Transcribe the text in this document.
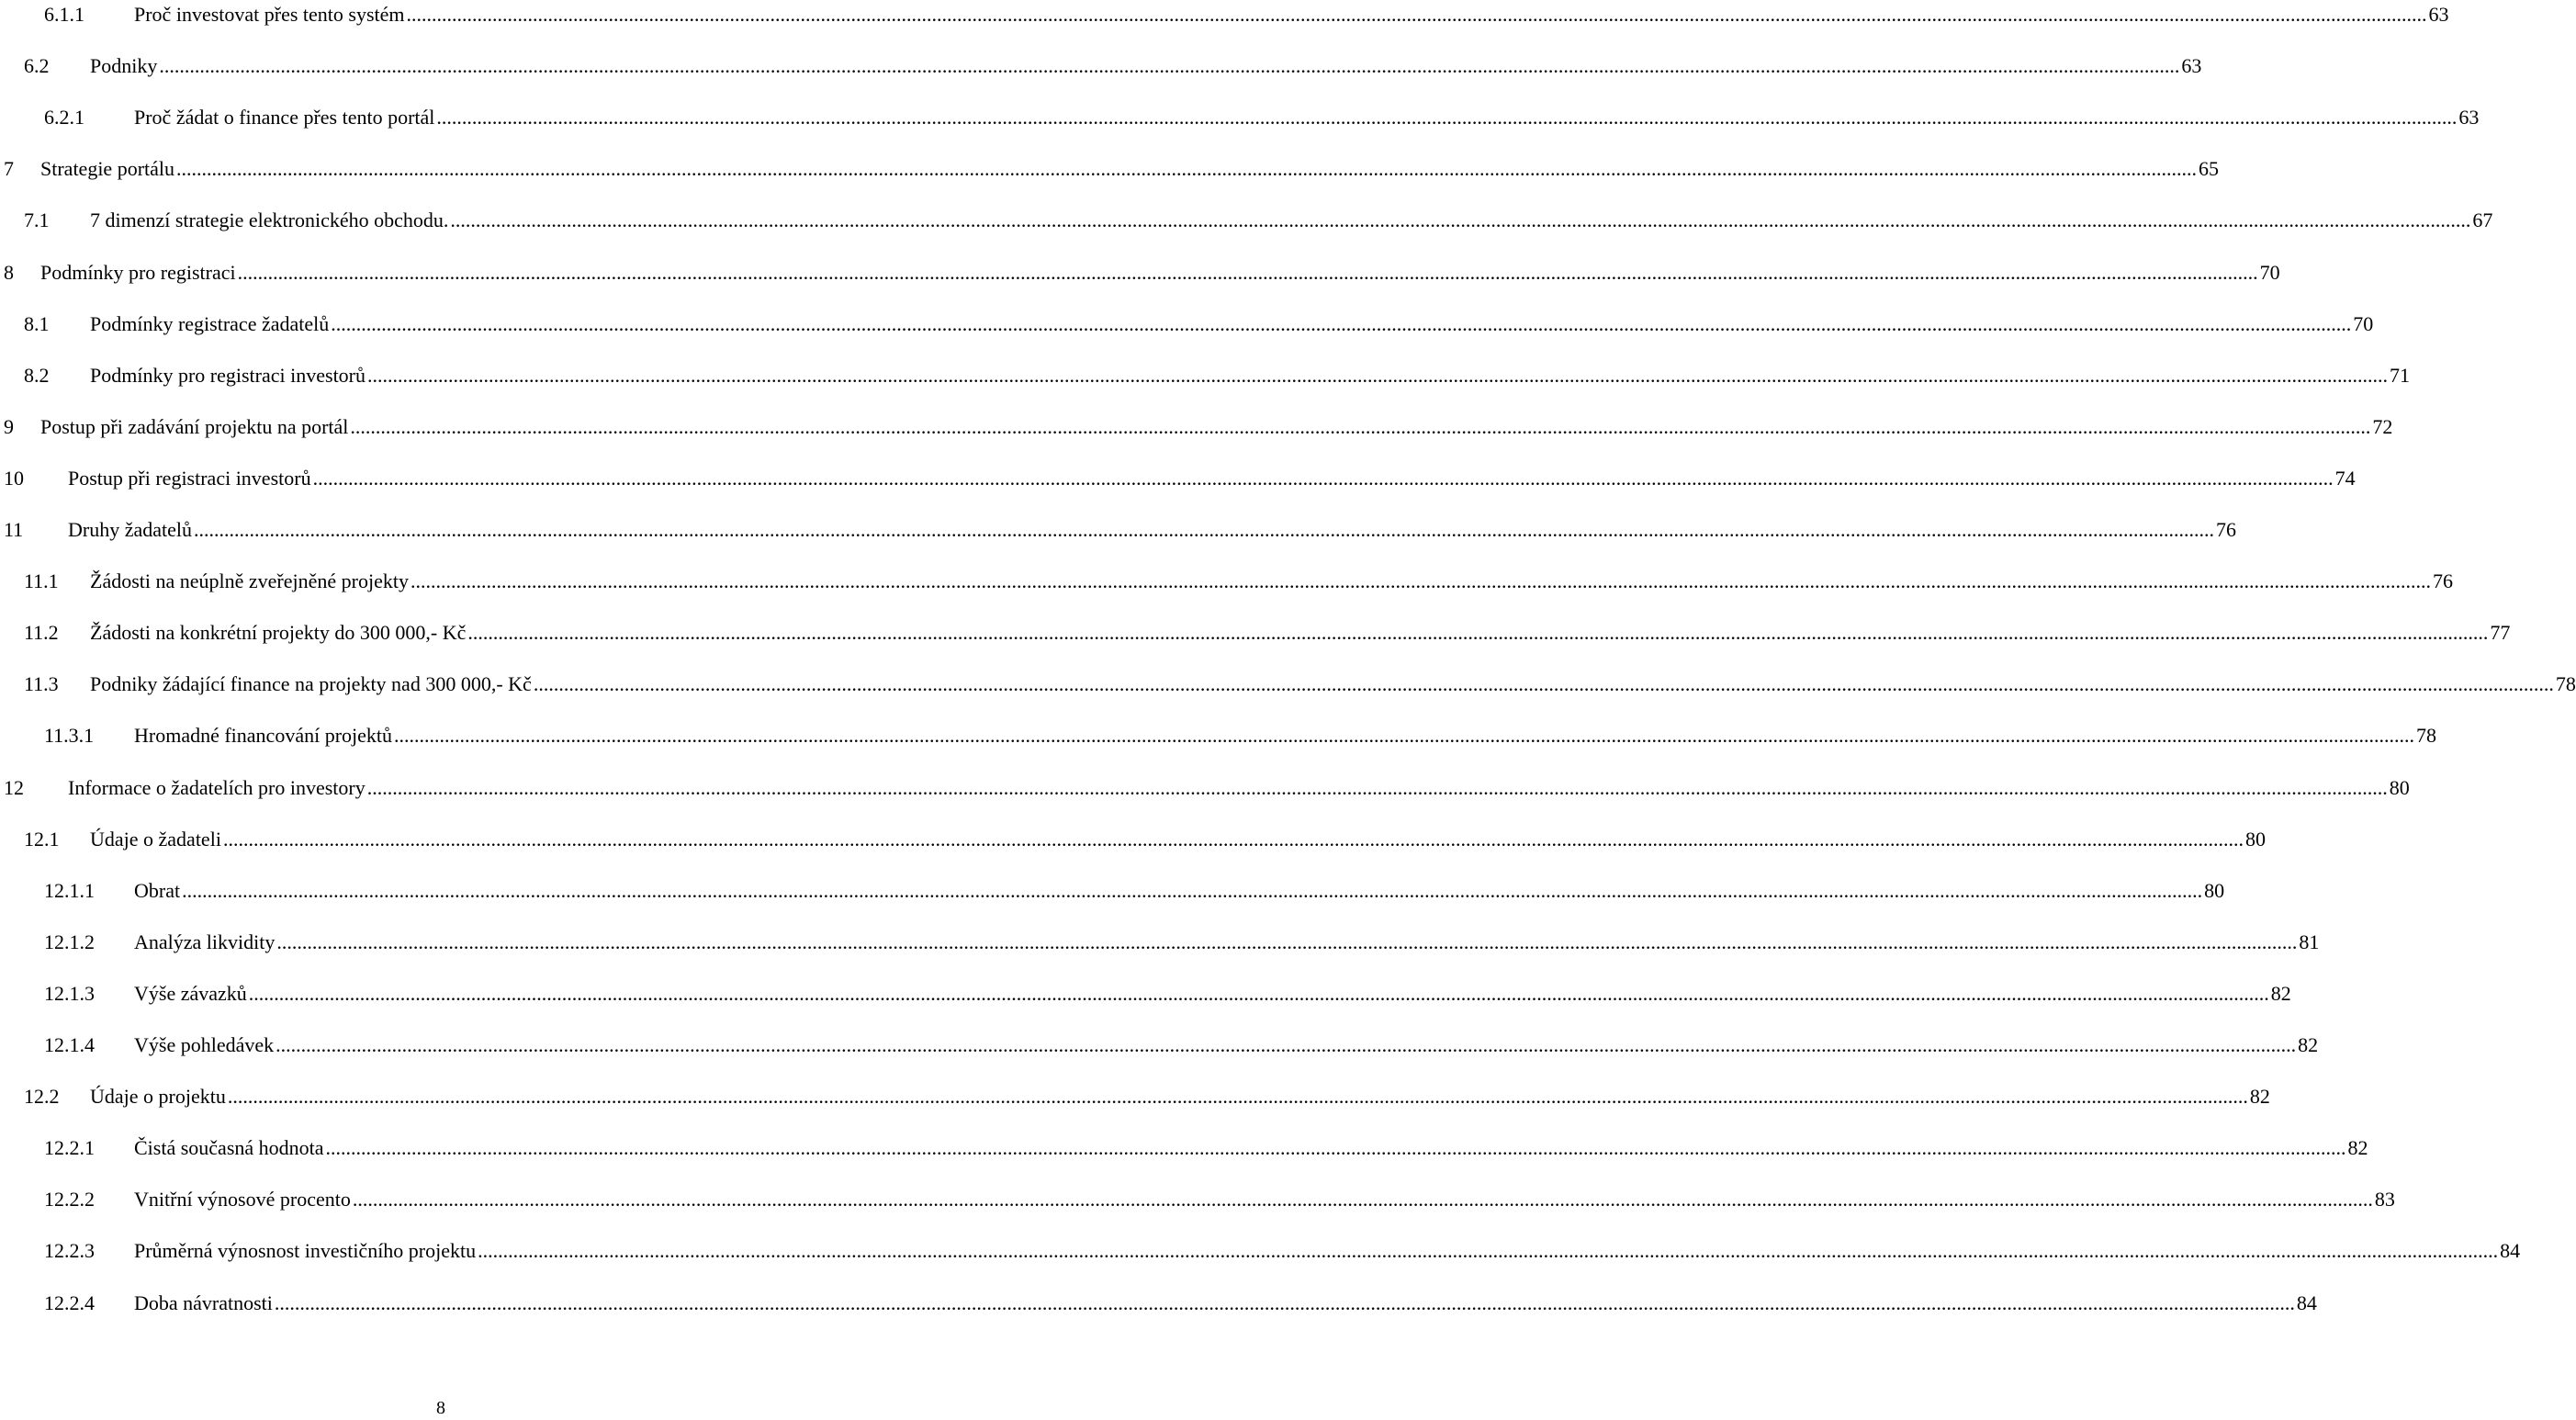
6.1.1 Proč investovat přes tento systém ................................................................................................................................................................................................................................................................................................................................................................................................................ 63
6.2 Podniky ................................................................................................................................................................................................................................................................................................................................................................................................................ 63
6.2.1 Proč žádat o finance přes tento portál ................................................................................................................................................................................................................................................................................................................................................................................................................ 63
7 Strategie portálu ................................................................................................................................................................................................................................................................................................................................................................................................................ 65
7.1 7 dimenzí strategie elektronického obchodu. ................................................................................................................................................................................................................................................................................................................................................................................................................ 67
8 Podmínky pro registraci ................................................................................................................................................................................................................................................................................................................................................................................................................ 70
8.1 Podmínky registrace žadatelů ................................................................................................................................................................................................................................................................................................................................................................................................................ 70
8.2 Podmínky pro registraci investorů ................................................................................................................................................................................................................................................................................................................................................................................................................ 71
9 Postup při zadávání projektu na portál ................................................................................................................................................................................................................................................................................................................................................................................................................ 72
10 Postup při registraci investorů ................................................................................................................................................................................................................................................................................................................................................................................................................ 74
11 Druhy žadatelů ................................................................................................................................................................................................................................................................................................................................................................................................................ 76
11.1 Žádosti na neúplně zveřejněné projekty ................................................................................................................................................................................................................................................................................................................................................................................................................ 76
11.2 Žádosti na konkrétní projekty do 300 000,- Kč ................................................................................................................................................................................................................................................................................................................................................................................................................ 77
11.3 Podniky žádající finance na projekty nad 300 000,- Kč ................................................................................................................................................................................................................................................................................................................................................................................................................ 78
11.3.1 Hromadné financování projektů ................................................................................................................................................................................................................................................................................................................................................................................................................ 78
12 Informace o žadatelích pro investory ................................................................................................................................................................................................................................................................................................................................................................................................................ 80
12.1 Údaje o žadateli ................................................................................................................................................................................................................................................................................................................................................................................................................ 80
12.1.1 Obrat ................................................................................................................................................................................................................................................................................................................................................................................................................ 80
12.1.2 Analýza likvidity ................................................................................................................................................................................................................................................................................................................................................................................................................ 81
12.1.3 Výše závazků ................................................................................................................................................................................................................................................................................................................................................................................................................ 82
12.1.4 Výše pohledávek ................................................................................................................................................................................................................................................................................................................................................................................................................ 82
12.2 Údaje o projektu ................................................................................................................................................................................................................................................................................................................................................................................................................ 82
12.2.1 Čistá současná hodnota ................................................................................................................................................................................................................................................................................................................................................................................................................ 82
12.2.2 Vnitřní výnosové procento ................................................................................................................................................................................................................................................................................................................................................................................................................ 83
12.2.3 Průměrná výnosnost investičního projektu ................................................................................................................................................................................................................................................................................................................................................................................................................ 84
12.2.4 Doba návratnosti ................................................................................................................................................................................................................................................................................................................................................................................................................ 84
8
